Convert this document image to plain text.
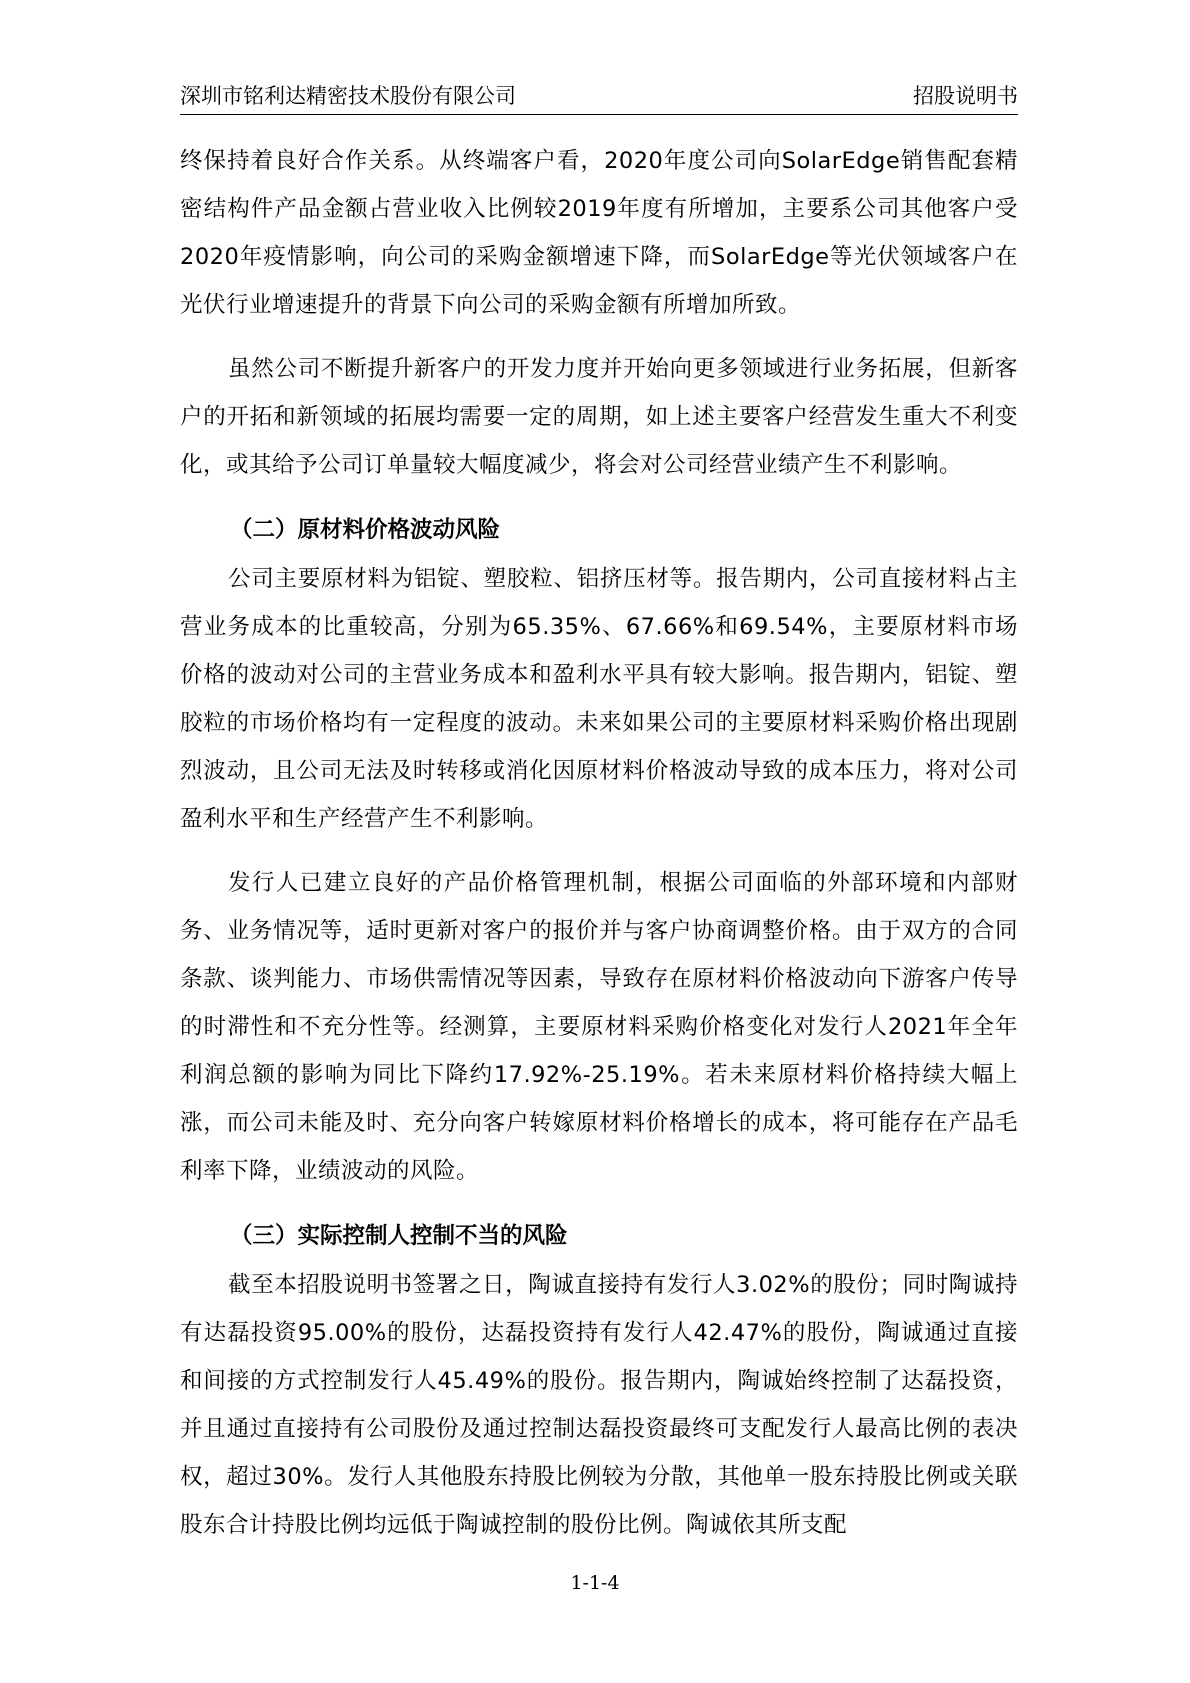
深圳市铭利达精密技术股份有限公司	招股说明书

终保持着良好合作关系。从终端客户看，2020年度公司向SolarEdge销售配套精密结构件产品金额占营业收入比例较2019年度有所增加，主要系公司其他客户受2020年疫情影响，向公司的采购金额增速下降，而SolarEdge等光伏领域客户在光伏行业增速提升的背景下向公司的采购金额有所增加所致。

虽然公司不断提升新客户的开发力度并开始向更多领域进行业务拓展，但新客户的开拓和新领域的拓展均需要一定的周期，如上述主要客户经营发生重大不利变化，或其给予公司订单量较大幅度减少，将会对公司经营业绩产生不利影响。

（二）原材料价格波动风险

公司主要原材料为铝锭、塑胶粒、铝挤压材等。报告期内，公司直接材料占主营业务成本的比重较高，分别为65.35%、67.66%和69.54%，主要原材料市场价格的波动对公司的主营业务成本和盈利水平具有较大影响。报告期内，铝锭、塑胶粒的市场价格均有一定程度的波动。未来如果公司的主要原材料采购价格出现剧烈波动，且公司无法及时转移或消化因原材料价格波动导致的成本压力，将对公司盈利水平和生产经营产生不利影响。

发行人已建立良好的产品价格管理机制，根据公司面临的外部环境和内部财务、业务情况等，适时更新对客户的报价并与客户协商调整价格。由于双方的合同条款、谈判能力、市场供需情况等因素，导致存在原材料价格波动向下游客户传导的时滞性和不充分性等。经测算，主要原材料采购价格变化对发行人2021年全年利润总额的影响为同比下降约17.92%-25.19%。若未来原材料价格持续大幅上涨，而公司未能及时、充分向客户转嫁原材料价格增长的成本，将可能存在产品毛利率下降，业绩波动的风险。

（三）实际控制人控制不当的风险

截至本招股说明书签署之日，陶诚直接持有发行人3.02%的股份；同时陶诚持有达磊投资95.00%的股份，达磊投资持有发行人42.47%的股份，陶诚通过直接和间接的方式控制发行人45.49%的股份。报告期内，陶诚始终控制了达磊投资，并且通过直接持有公司股份及通过控制达磊投资最终可支配发行人最高比例的表决权，超过30%。发行人其他股东持股比例较为分散，其他单一股东持股比例或关联股东合计持股比例均远低于陶诚控制的股份比例。陶诚依其所支配

1-1-4
